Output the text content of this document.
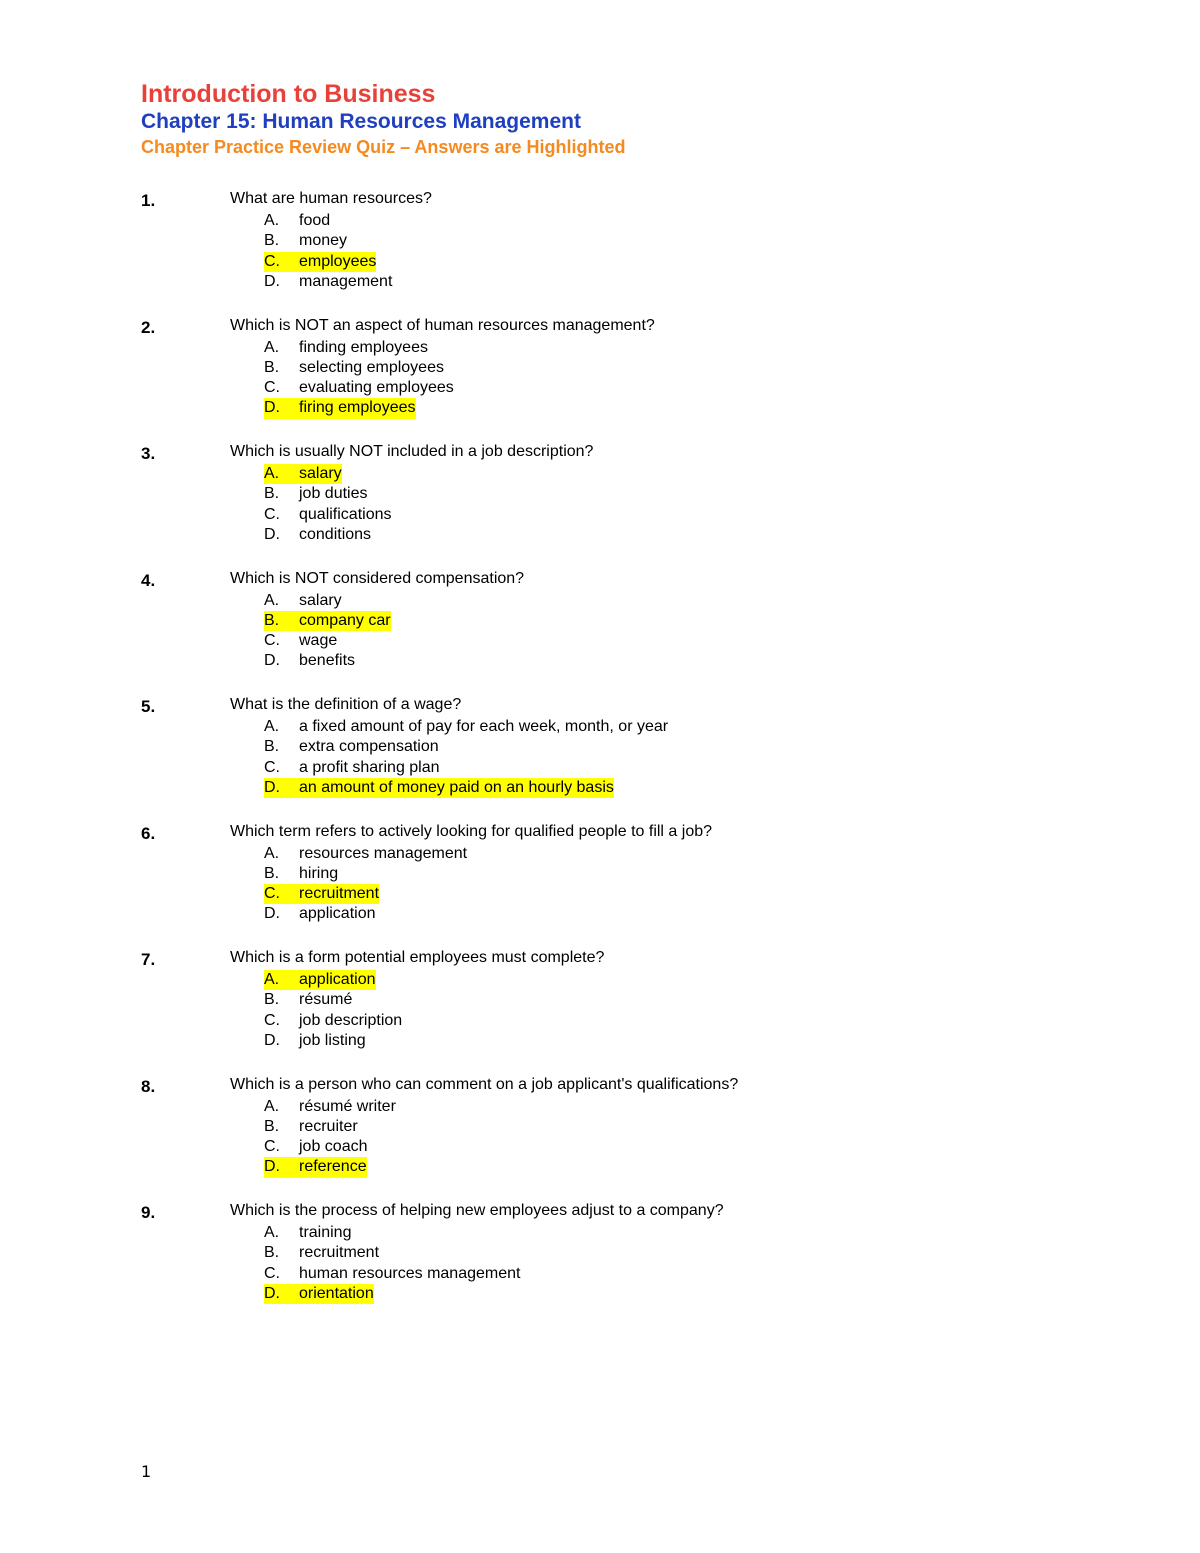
Introduction to Business
Chapter 15: Human Resources Management
Chapter Practice Review Quiz – Answers are Highlighted
1.	What are human resources?
A. food
B. money
C. employees
D. management
2.	Which is NOT an aspect of human resources management?
A. finding employees
B. selecting employees
C. evaluating employees
D. firing employees
3.	Which is usually NOT included in a job description?
A. salary
B. job duties
C. qualifications
D. conditions
4.	Which is NOT considered compensation?
A. salary
B. company car
C. wage
D. benefits
5.	What is the definition of a wage?
A. a fixed amount of pay for each week, month, or year
B. extra compensation
C. a profit sharing plan
D. an amount of money paid on an hourly basis
6.	Which term refers to actively looking for qualified people to fill a job?
A. resources management
B. hiring
C. recruitment
D. application
7.	Which is a form potential employees must complete?
A. application
B. résumé
C. job description
D. job listing
8.	Which is a person who can comment on a job applicant's qualifications?
A. résumé writer
B. recruiter
C. job coach
D. reference
9.	Which is the process of helping new employees adjust to a company?
A. training
B. recruitment
C. human resources management
D. orientation
1
